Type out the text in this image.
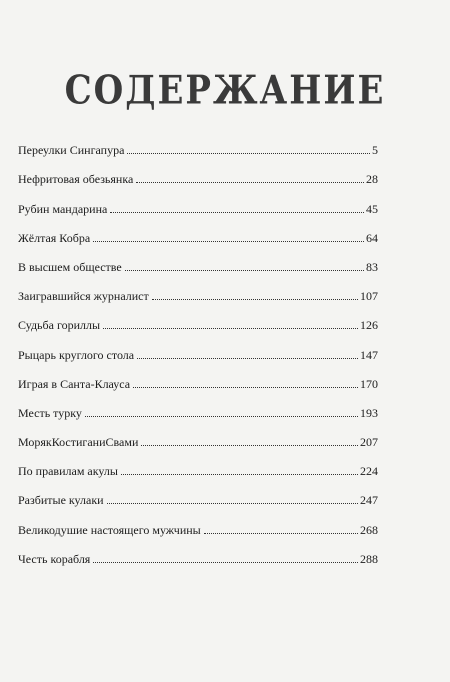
СОДЕРЖАНИЕ
Переулки Сингапура	5
Нефритовая обезьянка	28
Рубин мандарина	45
Жёлтая Кобра	64
В высшем обществе	83
Заигравшийся журналист	107
Судьба гориллы	126
Рыцарь круглого стола	147
Играя в Санта-Клауса	170
Месть турку	193
МорякКостиганиСвами	207
По правилам акулы	224
Разбитые кулаки	247
Великодушие настоящего мужчины	268
Честь корабля	288
